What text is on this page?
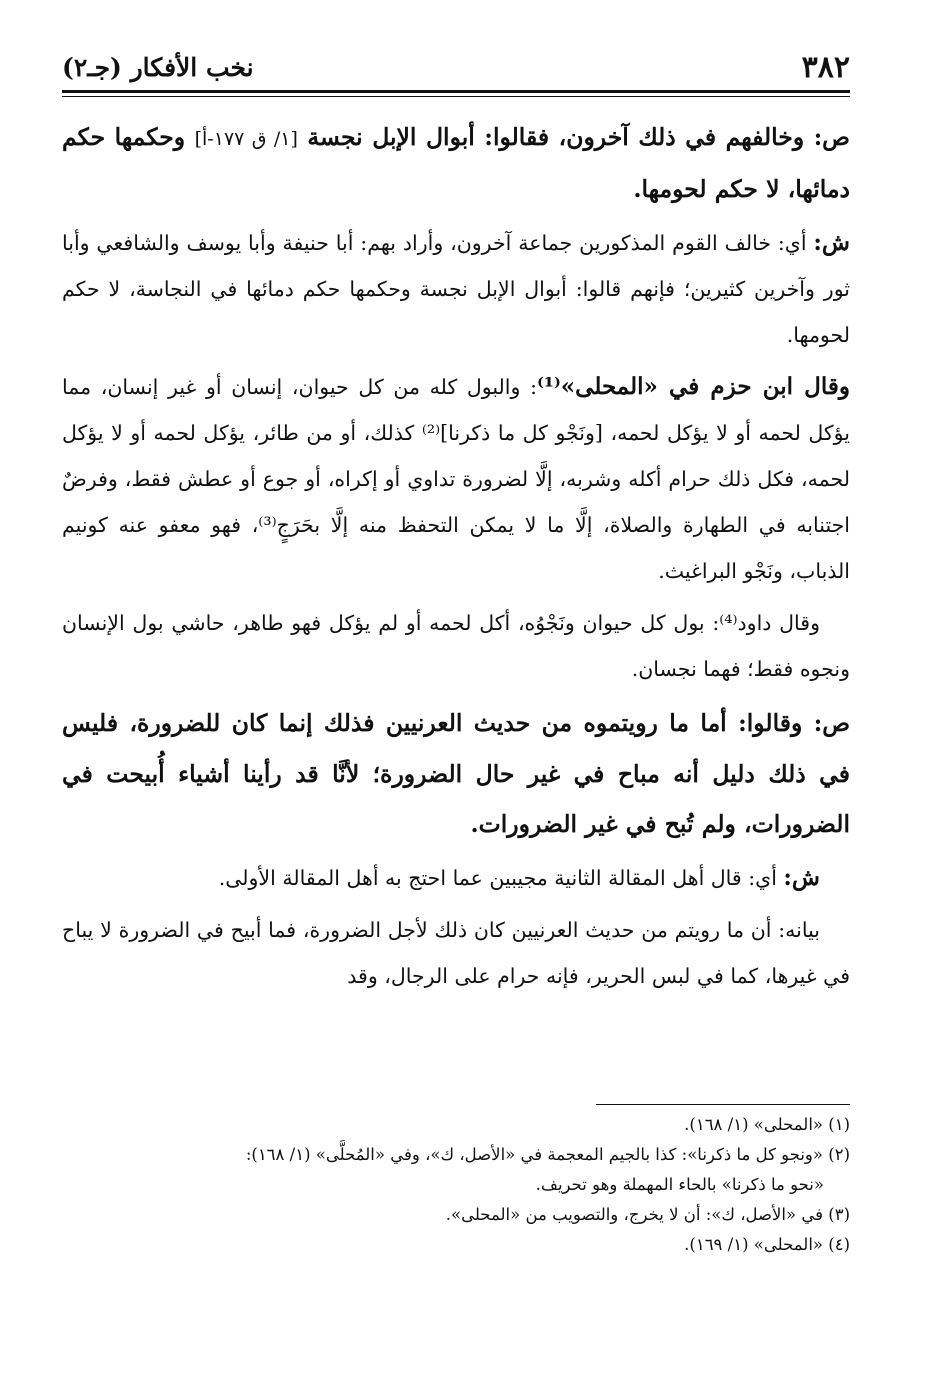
٣٨٢
نخب الأفكار (جـ٢)

ص: وخالفهم في ذلك آخرون، فقالوا: أبوال الإبل نجسة [١/ ق ١٧٧-أ] وحكمها حكم دمائها، لا حكم لحومها.

ش: أي: خالف القوم المذكورين جماعة آخرون، وأراد بهم: أبا حنيفة وأبا يوسف والشافعي وأبا ثور وآخرين كثيرين؛ فإنهم قالوا: أبوال الإبل نجسة وحكمها حكم دمائها في النجاسة، لا حكم لحومها.

وقال ابن حزم في «المحلى»⁽¹⁾: والبول كله من كل حيوان، إنسان أو غير إنسان، مما يؤكل لحمه أو لا يؤكل لحمه، [ونَجْو كل ما ذكرنا]⁽²⁾ كذلك، أو من طائر، يؤكل لحمه أو لا يؤكل لحمه، فكل ذلك حرام أكله وشربه، إلَّا لضرورة تداوي أو إكراه، أو جوع أو عطش فقط، وفرضٌ اجتنابه في الطهارة والصلاة، إلَّا ما لا يمكن التحفظ منه إلَّا بحَرَجٍ⁽³⁾، فهو معفو عنه كونيم الذباب، ونَجْو البراغيث.

وقال داود⁽⁴⁾: بول كل حيوان ونَجْوُه، أكل لحمه أو لم يؤكل فهو طاهر، حاشي بول الإنسان ونجوه فقط؛ فهما نجسان.

ص: وقالوا: أما ما رويتموه من حديث العرنيين فذلك إنما كان للضرورة، فليس في ذلك دليل أنه مباح في غير حال الضرورة؛ لأنَّا قد رأينا أشياء أُبيحت في الضرورات، ولم تُبح في غير الضرورات.

ش: أي: قال أهل المقالة الثانية مجيبين عما احتج به أهل المقالة الأولى.

بيانه: أن ما رويتم من حديث العرنيين كان ذلك لأجل الضرورة، فما أبيح في الضرورة لا يباح في غيرها، كما في لبس الحرير، فإنه حرام على الرجال، وقد

(١) «المحلى» (١/ ١٦٨).

(٢) «ونجو كل ما ذكرنا»: كذا بالجيم المعجمة في «الأصل، ك»، وفي «المُحلَّى» (١/ ١٦٨):

«نحو ما ذكرنا» بالحاء المهملة وهو تحريف.

(٣) في «الأصل، ك»: أن لا يخرج، والتصويب من «المحلى».

(٤) «المحلى» (١/ ١٦٩).
